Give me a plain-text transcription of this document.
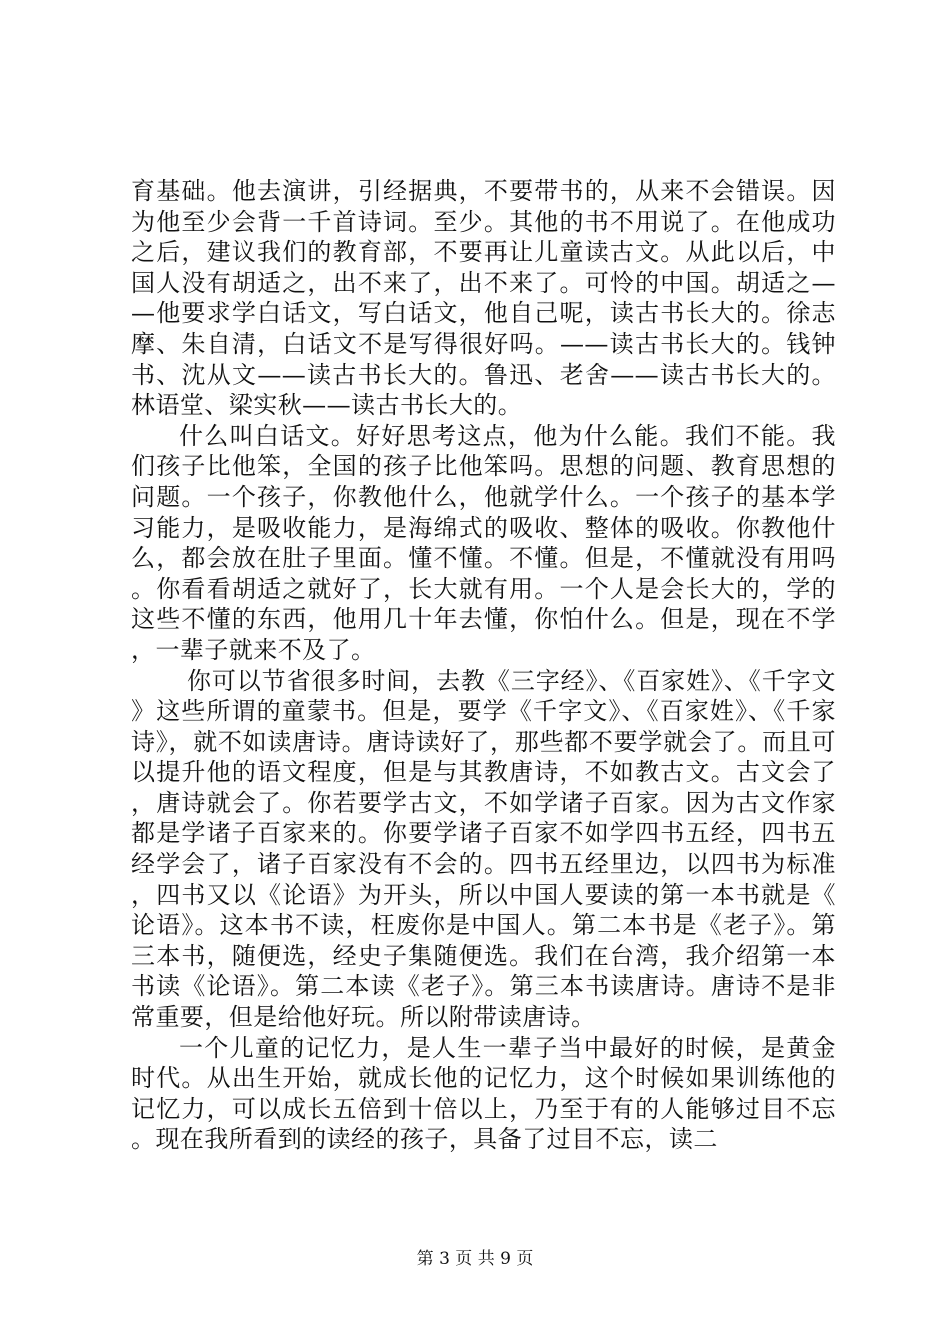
育基础。他去演讲，引经据典，不要带书的，从来不会错误。因为他至少会背一千首诗词。至少。其他的书不用说了。在他成功之后，建议我们的教育部，不要再让儿童读古文。从此以后，中国人没有胡适之，出不来了，出不来了。可怜的中国。胡适之——他要求学白话文，写白话文，他自己呢，读古书长大的。徐志摩、朱自清，白话文不是写得很好吗。——读古书长大的。钱钟书、沈从文——读古书长大的。鲁迅、老舍——读古书长大的。林语堂、梁实秋——读古书长大的。

什么叫白话文。好好思考这点，他为什么能。我们不能。我们孩子比他笨，全国的孩子比他笨吗。思想的问题、教育思想的问题。一个孩子，你教他什么，他就学什么。一个孩子的基本学习能力，是吸收能力，是海绵式的吸收、整体的吸收。你教他什么，都会放在肚子里面。懂不懂。不懂。但是，不懂就没有用吗。你看看胡适之就好了，长大就有用。一个人是会长大的，学的这些不懂的东西，他用几十年去懂，你怕什么。但是，现在不学，一辈子就来不及了。

你可以节省很多时间，去教《三字经》、《百家姓》、《千字文》这些所谓的童蒙书。但是，要学《千字文》、《百家姓》、《千家诗》，就不如读唐诗。唐诗读好了，那些都不要学就会了。而且可以提升他的语文程度，但是与其教唐诗，不如教古文。古文会了，唐诗就会了。你若要学古文，不如学诸子百家。因为古文作家都是学诸子百家来的。你要学诸子百家不如学四书五经，四书五经学会了，诸子百家没有不会的。四书五经里边，以四书为标准，四书又以《论语》为开头，所以中国人要读的第一本书就是《论语》。这本书不读，枉废你是中国人。第二本书是《老子》。第三本书，随便选，经史子集随便选。我们在台湾，我介绍第一本书读《论语》。第二本读《老子》。第三本书读唐诗。唐诗不是非常重要，但是给他好玩。所以附带读唐诗。

一个儿童的记忆力，是人生一辈子当中最好的时候，是黄金时代。从出生开始，就成长他的记忆力，这个时候如果训练他的记忆力，可以成长五倍到十倍以上，乃至于有的人能够过目不忘。现在我所看到的读经的孩子，具备了过目不忘，读二

第 3 页 共 9 页
